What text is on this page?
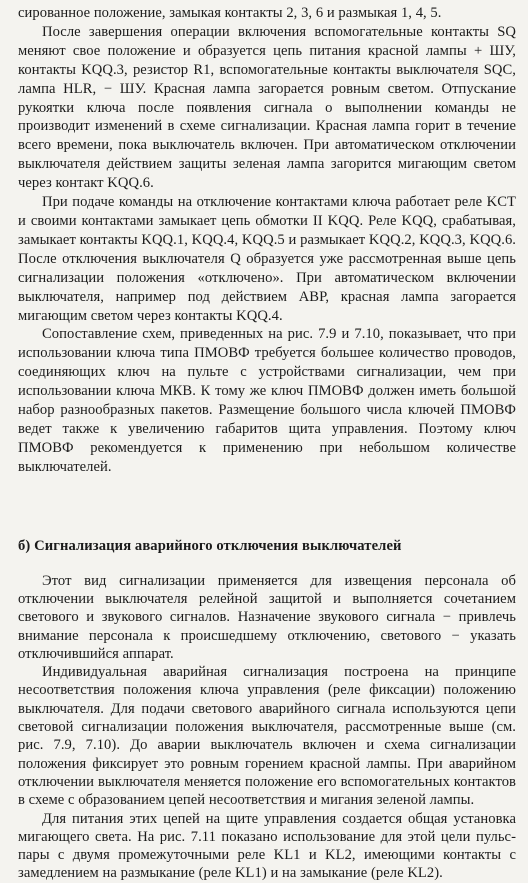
сированное положение, замыкая контакты 2, 3, 6 и размыкая 1, 4, 5.

После завершения операции включения вспомогательные контакты SQ меняют свое положение и образуется цепь питания красной лампы + ШУ, контакты KQQ.3, резистор R1, вспомогательные контакты выключателя SQC, лампа HLR, − ШУ. Красная лампа загорается ровным светом. Отпускание рукоятки ключа после появления сигнала о выполнении команды не производит изменений в схеме сигнализации. Красная лампа горит в течение всего времени, пока выключатель включен. При автоматическом отключении выключателя действием защиты зеленая лампа загорится мигающим светом через контакт KQQ.6.

При подаче команды на отключение контактами ключа работает реле KCT и своими контактами замыкает цепь обмотки II KQQ. Реле KQQ, срабатывая, замыкает контакты KQQ.1, KQQ.4, KQQ.5 и размыкает KQQ.2, KQQ.3, KQQ.6. После отключения выключателя Q образуется уже рассмотренная выше цепь сигнализации положения «отключено». При автоматическом включении выключателя, например под действием АВР, красная лампа загорается мигающим светом через контакты KQQ.4.

Сопоставление схем, приведенных на рис. 7.9 и 7.10, показывает, что при использовании ключа типа ПМОВФ требуется большее количество проводов, соединяющих ключ на пульте с устройствами сигнализации, чем при использовании ключа МКВ. К тому же ключ ПМОВФ должен иметь большой набор разнообразных пакетов. Размещение большого числа ключей ПМОВФ ведет также к увеличению габаритов щита управления. Поэтому ключ ПМОВФ рекомендуется к применению при небольшом количестве выключателей.

б) Сигнализация аварийного отключения выключателей

Этот вид сигнализации применяется для извещения персонала об отключении выключателя релейной защитой и выполняется сочетанием светового и звукового сигналов. Назначение звукового сигнала − привлечь внимание персонала к происшедшему отключению, светового − указать отключившийся аппарат.

Индивидуальная аварийная сигнализация построена на принципе несоответствия положения ключа управления (реле фиксации) положению выключателя. Для подачи светового аварийного сигнала используются цепи световой сигнализации положения выключателя, рассмотренные выше (см. рис. 7.9, 7.10). До аварии выключатель включен и схема сигнализации положения фиксирует это ровным горением красной лампы. При аварийном отключении выключателя меняется положение его вспомогательных контактов в схеме с образованием цепей несоответствия и мигания зеленой лампы.

Для питания этих цепей на щите управления создается общая установка мигающего света. На рис. 7.11 показано использование для этой цели пульс-пары с двумя промежуточными реле KL1 и KL2, имеющими контакты с замедлением на размыкание (реле KL1) и на замыкание (реле KL2).
